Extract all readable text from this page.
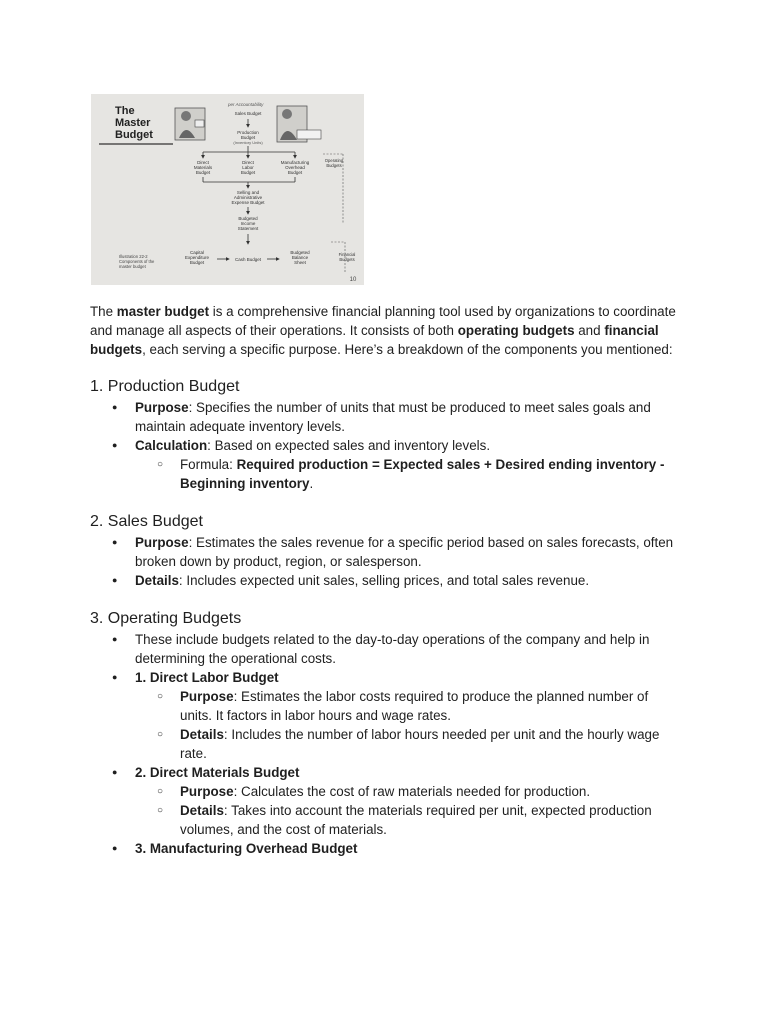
The
Master
Budget
per Accountability
Sales Budget
Production
Budget
(Inventory Units)
Direct
Materials
Budget
Direct
Labor
Budget
Manufacturing
Overhead
Budget
Operating
Budgets
Selling and
Administrative
Expense Budget
Budgeted
Income
Statement
Capital
Expenditure
Budget
Cash Budget
Budgeted
Balance
Sheet
Financial
Budgets
Illustration 22-2
Components of the
master budget
10

The master budget is a comprehensive financial planning tool used by organizations to coordinate and manage all aspects of their operations. It consists of both operating budgets and financial budgets, each serving a specific purpose. Here’s a breakdown of the components you mentioned:

1. Production Budget
● Purpose: Specifies the number of units that must be produced to meet sales goals and maintain adequate inventory levels.
● Calculation: Based on expected sales and inventory levels.
○ Formula: Required production = Expected sales + Desired ending inventory - Beginning inventory.
2. Sales Budget
● Purpose: Estimates the sales revenue for a specific period based on sales forecasts, often broken down by product, region, or salesperson.
● Details: Includes expected unit sales, selling prices, and total sales revenue.
3. Operating Budgets
● These include budgets related to the day-to-day operations of the company and help in determining the operational costs.
● 1. Direct Labor Budget
○ Purpose: Estimates the labor costs required to produce the planned number of units. It factors in labor hours and wage rates.
○ Details: Includes the number of labor hours needed per unit and the hourly wage rate.
● 2. Direct Materials Budget
○ Purpose: Calculates the cost of raw materials needed for production.
○ Details: Takes into account the materials required per unit, expected production volumes, and the cost of materials.
● 3. Manufacturing Overhead Budget
